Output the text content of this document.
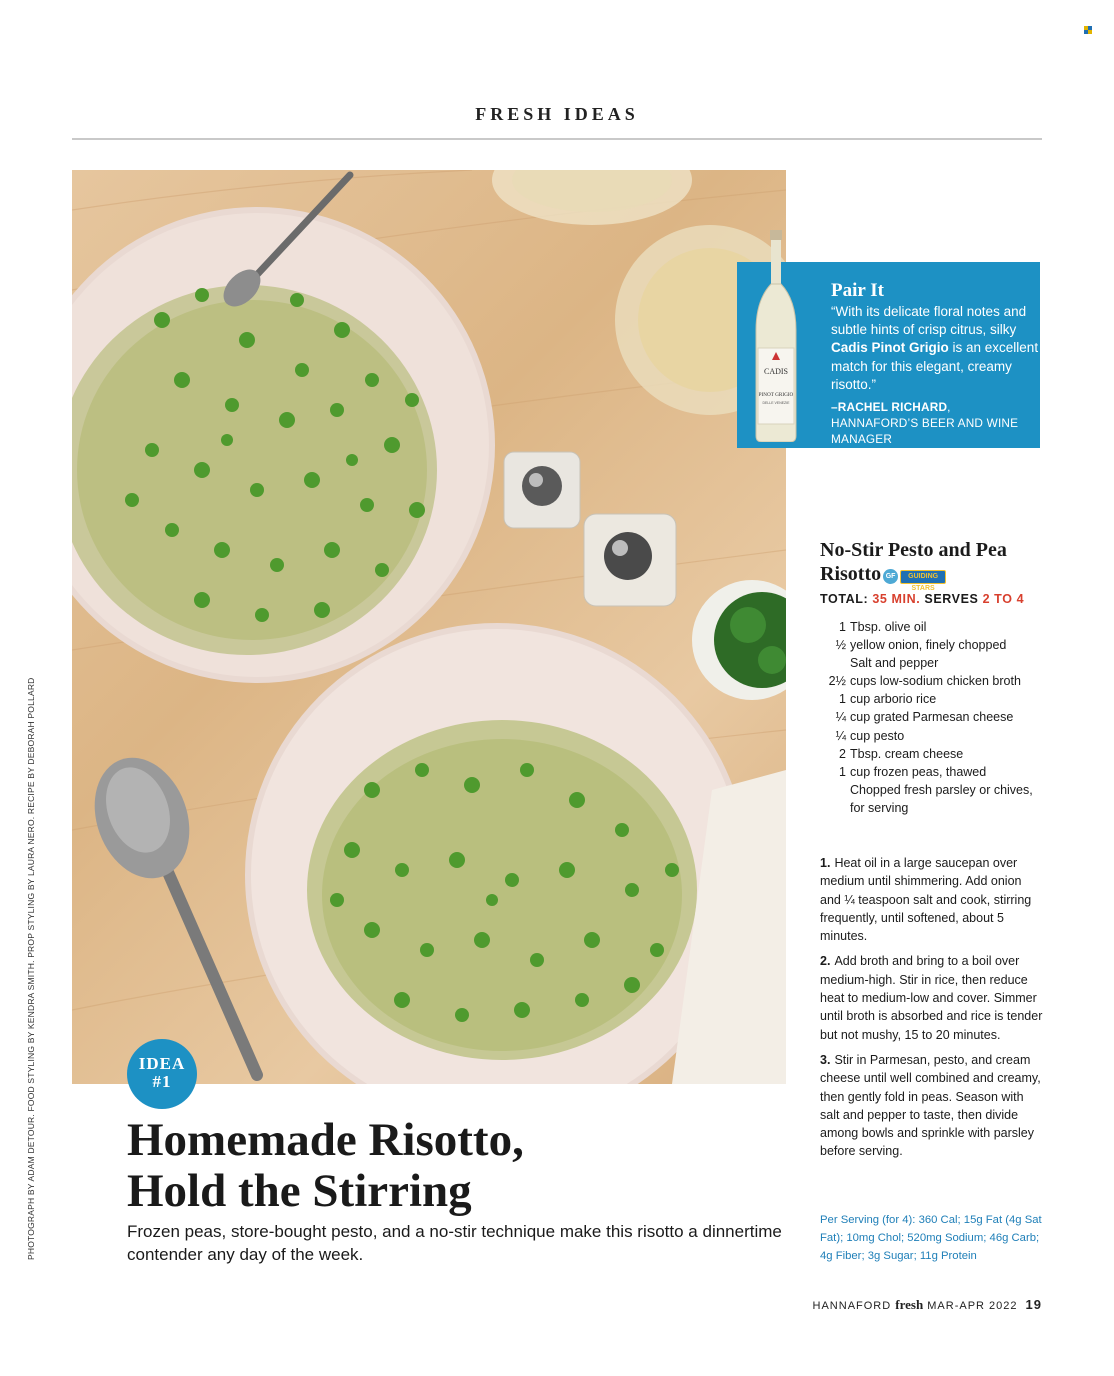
FRESH IDEAS
PHOTOGRAPH BY ADAM DETOUR. FOOD STYLING BY KENDRA SMITH. PROP STYLING BY LAURA NERO. RECIPE BY DEBORAH POLLARD
CADIS
PINOT GRIGIO
DELLE VENEZIE
Pair It
“With its delicate floral notes and subtle hints of crisp citrus, silky Cadis Pinot Grigio is an excellent match for this elegant, creamy risotto.”
–RACHEL RICHARD, HANNAFORD’S BEER AND WINE MANAGER
No-Stir Pesto and Pea Risotto GF GUIDING STARS
TOTAL: 35 MIN. SERVES 2 TO 4
1 Tbsp. olive oil
½ yellow onion, finely chopped
Salt and pepper
2½ cups low-sodium chicken broth
1 cup arborio rice
¼ cup grated Parmesan cheese
¼ cup pesto
2 Tbsp. cream cheese
1 cup frozen peas, thawed
Chopped fresh parsley or chives, for serving
1. Heat oil in a large saucepan over medium until shimmering. Add onion and ¼ teaspoon salt and cook, stirring frequently, until softened, about 5 minutes.
2. Add broth and bring to a boil over medium-high. Stir in rice, then reduce heat to medium-low and cover. Simmer until broth is absorbed and rice is tender but not mushy, 15 to 20 minutes.
3. Stir in Parmesan, pesto, and cream cheese until well combined and creamy, then gently fold in peas. Season with salt and pepper to taste, then divide among bowls and sprinkle with parsley before serving.
Per Serving (for 4): 360 Cal; 15g Fat (4g Sat Fat); 10mg Chol; 520mg Sodium; 46g Carb; 4g Fiber; 3g Sugar; 11g Protein
IDEA
#1
Homemade Risotto,
Hold the Stirring
Frozen peas, store-bought pesto, and a no-stir technique make this risotto a dinnertime contender any day of the week.
HANNAFORD fresh MAR-APR 2022 19
